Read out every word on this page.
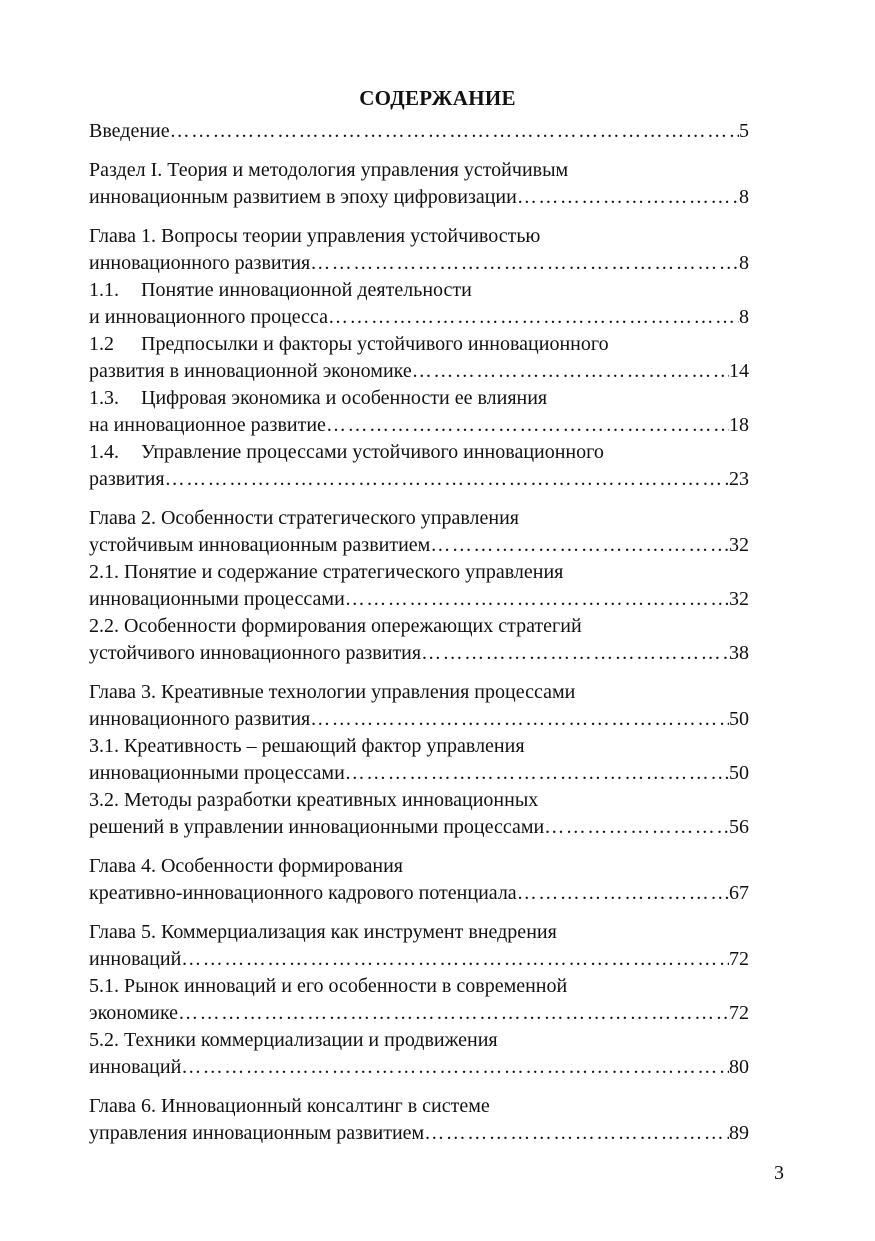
СОДЕРЖАНИЕ
Введение ……………………………………………………………………………………………………………………………………………………………………	5
Раздел I. Теория и методология управления устойчивым
инновационным развитием в эпоху цифровизации ……………………………………………………………………………………………………………………………………………………………………	8
Глава 1. Вопросы теории управления устойчивостью
инновационного развития ……………………………………………………………………………………………………………………………………………………………………	8
1.1. Понятие инновационной деятельности
и инновационного процесса ……………………………………………………………………………………………………………………………………………………………………	8
1.2 Предпосылки и факторы устойчивого инновационного
развития в инновационной экономике ……………………………………………………………………………………………………………………………………………………………………	14
1.3. Цифровая экономика и особенности ее влияния
на инновационное развитие ……………………………………………………………………………………………………………………………………………………………………	18
1.4. Управление процессами устойчивого инновационного
развития ……………………………………………………………………………………………………………………………………………………………………	23
Глава 2. Особенности стратегического управления
устойчивым инновационным развитием ……………………………………………………………………………………………………………………………………………………………………	32
2.1. Понятие и содержание стратегического управления
инновационными процессами ……………………………………………………………………………………………………………………………………………………………………	32
2.2. Особенности формирования опережающих стратегий
устойчивого инновационного развития ……………………………………………………………………………………………………………………………………………………………………	38
Глава 3. Креативные технологии управления процессами
инновационного развития ……………………………………………………………………………………………………………………………………………………………………	50
3.1. Креативность – решающий фактор управления
инновационными процессами ……………………………………………………………………………………………………………………………………………………………………	50
3.2. Методы разработки креативных инновационных
решений в управлении инновационными процессами ……………………………………………………………………………………………………………………………………………………………………	56
Глава 4. Особенности формирования
креативно-инновационного кадрового потенциала ……………………………………………………………………………………………………………………………………………………………………	67
Глава 5. Коммерциализация как инструмент внедрения
инноваций ……………………………………………………………………………………………………………………………………………………………………	72
5.1. Рынок инноваций и его особенности в современной
экономике ……………………………………………………………………………………………………………………………………………………………………	72
5.2. Техники коммерциализации и продвижения
инноваций ……………………………………………………………………………………………………………………………………………………………………	80
Глава 6. Инновационный консалтинг в системе
управления инновационным развитием ……………………………………………………………………………………………………………………………………………………………………	89
3
